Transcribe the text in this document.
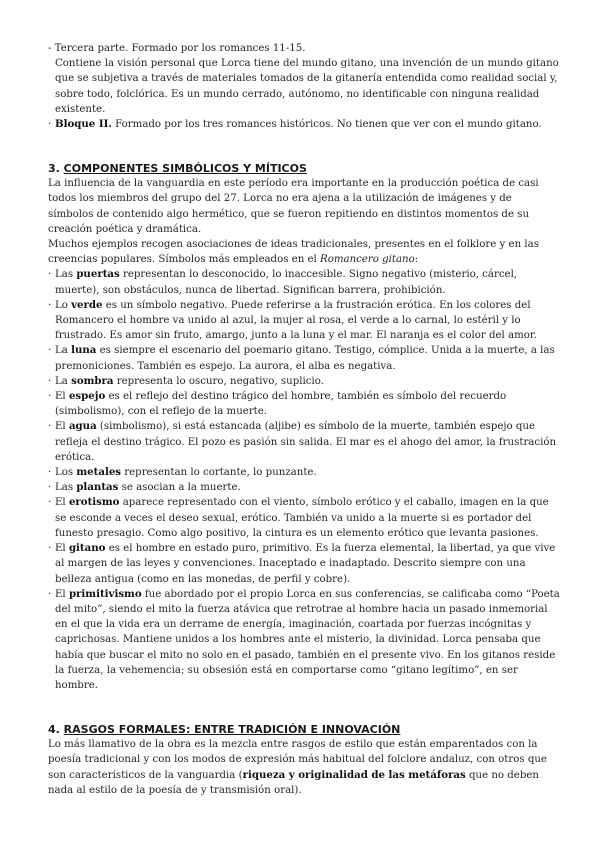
- Tercera parte. Formado por los romances 11-15.

Contiene la visión personal que Lorca tiene del mundo gitano, una invención de un mundo gitano que se subjetiva a través de materiales tomados de la gitanería entendida como realidad social y, sobre todo, folclórica. Es un mundo cerrado, autónomo, no identificable con ninguna realidad existente.

· Bloque II. Formado por los tres romances históricos. No tienen que ver con el mundo gitano.

3. COMPONENTES SIMBÓLICOS Y MÍTICOS

La influencia de la vanguardia en este período era importante en la producción poética de casi todos los miembros del grupo del 27. Lorca no era ajena a la utilización de imágenes y de símbolos de contenido algo hermético, que se fueron repitiendo en distintos momentos de su creación poética y dramática.

Muchos ejemplos recogen asociaciones de ideas tradicionales, presentes en el folklore y en las creencias populares. Símbolos más empleados en el Romancero gitano:

· Las puertas representan lo desconocido, lo inaccesible. Signo negativo (misterio, cárcel, muerte), son obstáculos, nunca de libertad. Significan barrera, prohibición.

· Lo verde es un símbolo negativo. Puede referirse a la frustración erótica. En los colores del Romancero el hombre va unido al azul, la mujer al rosa, el verde a lo carnal, lo estéril y lo frustrado. Es amor sin fruto, amargo, junto a la luna y el mar. El naranja es el color del amor.

· La luna es siempre el escenario del poemario gitano. Testigo, cómplice. Unida a la muerte, a las premoniciones. También es espejo. La aurora, el alba es negativa.

· La sombra representa lo oscuro, negativo, suplicio.

· El espejo es el reflejo del destino trágico del hombre, también es símbolo del recuerdo (simbolismo), con el reflejo de la muerte.

· El agua (simbolismo), si está estancada (aljibe) es símbolo de la muerte, también espejo que refleja el destino trágico. El pozo es pasión sin salida. El mar es el ahogo del amor, la frustración erótica.

· Los metales representan lo cortante, lo punzante.

· Las plantas se asocian a la muerte.

· El erotismo aparece representado con el viento, símbolo erótico y el caballo, imagen en la que se esconde a veces el deseo sexual, erótico. También va unido a la muerte si es portador del funesto presagio. Como algo positivo, la cintura es un elemento erótico que levanta pasiones.

· El gitano es el hombre en estado puro, primitivo. Es la fuerza elemental, la libertad, ya que vive al margen de las leyes y convenciones. Inaceptado e inadaptado. Descrito siempre con una belleza antigua (como en las monedas, de perfil y cobre).

· El primitivismo fue abordado por el propio Lorca en sus conferencias, se calificaba como “Poeta del mito”, siendo el mito la fuerza atávica que retrotrae al hombre hacia un pasado inmemorial en el que la vida era un derrame de energía, imaginación, coartada por fuerzas incógnitas y caprichosas. Mantiene unidos a los hombres ante el misterio, la divinidad. Lorca pensaba que había que buscar el mito no solo en el pasado, también en el presente vivo. En los gitanos reside la fuerza, la vehemencia; su obsesión está en comportarse como “gitano legítimo”, en ser hombre.

4. RASGOS FORMALES: ENTRE TRADICIÓN E INNOVACIÓN

Lo más llamativo de la obra es la mezcla entre rasgos de estilo que están emparentados con la poesía tradicional y con los modos de expresión más habitual del folclore andaluz, con otros que son característicos de la vanguardia (riqueza y originalidad de las metáforas que no deben nada al estilo de la poesía de y transmisión oral).
